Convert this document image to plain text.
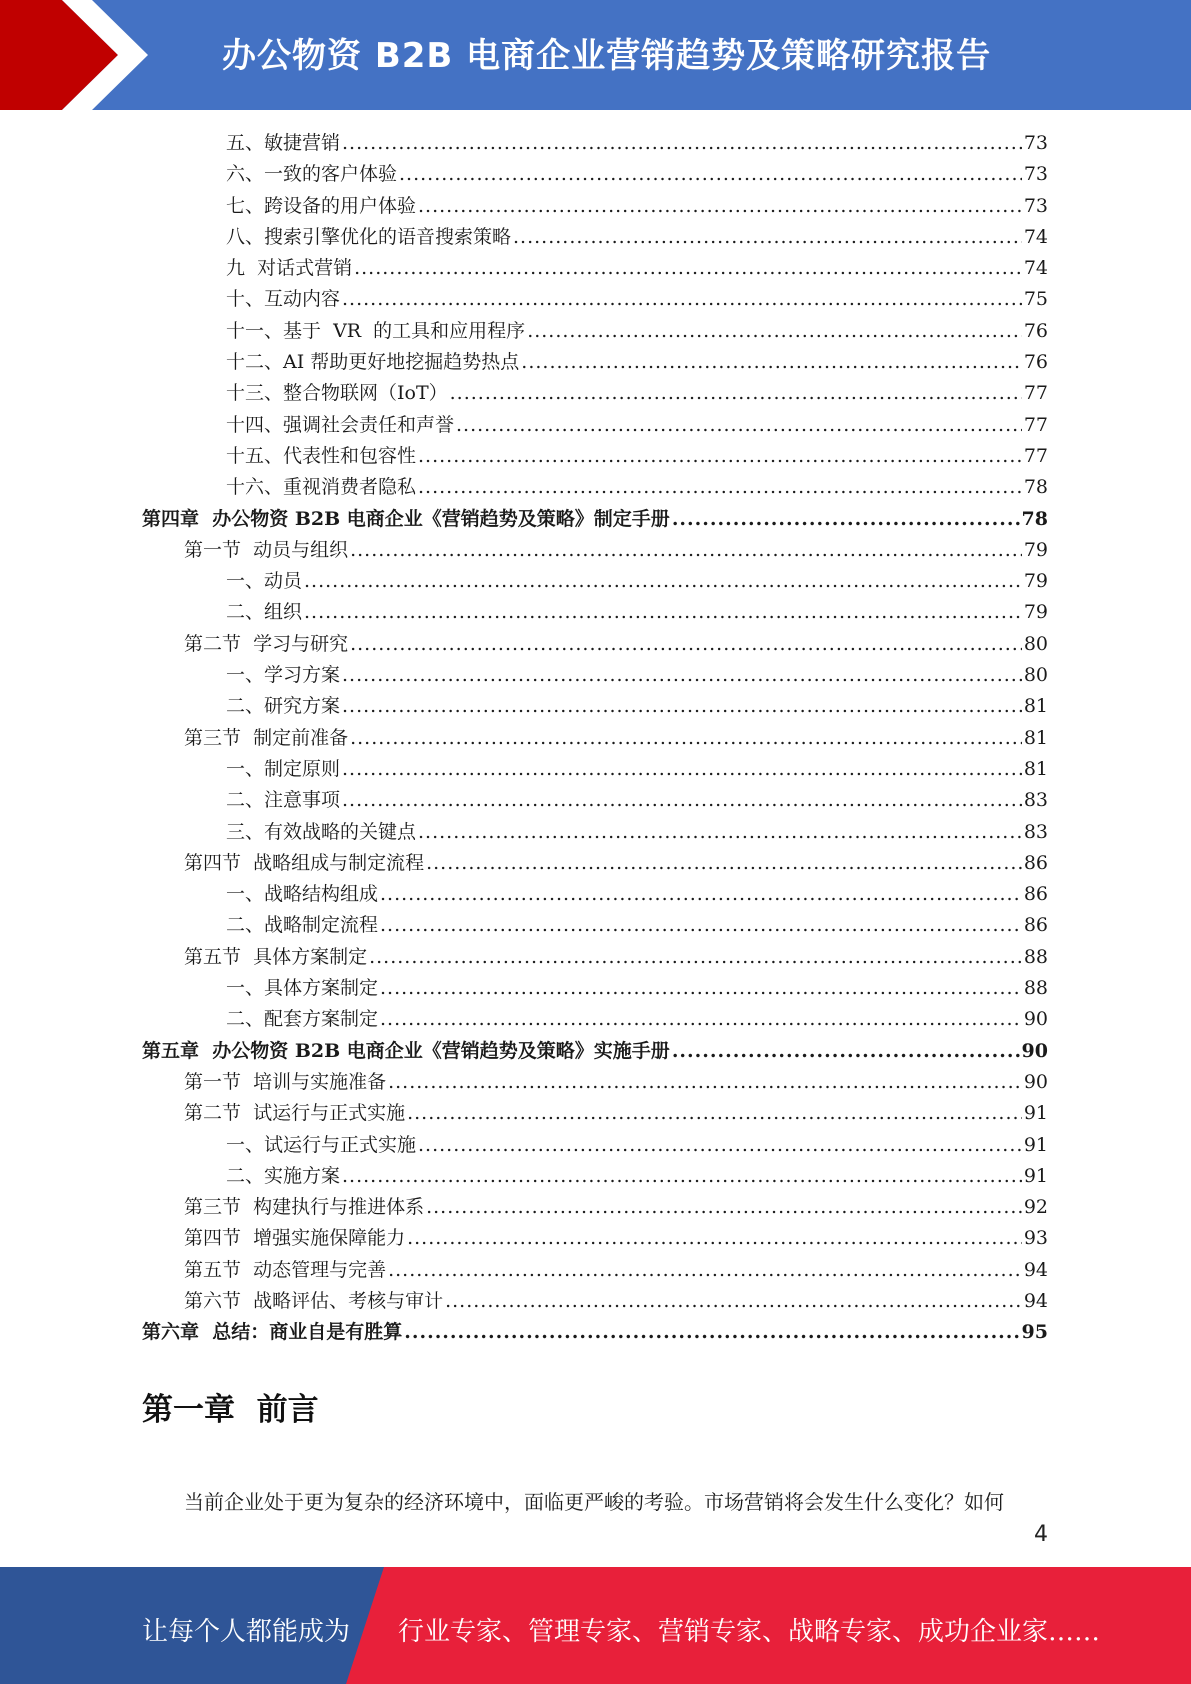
办公物资 B2B 电商企业营销趋势及策略研究报告
五、敏捷营销 .....	73
六、一致的客户体验 .....	73
七、跨设备的用户体验 .....	73
八、搜索引擎优化的语音搜索策略 .....	74
九  对话式营销 .....	74
十、互动内容 .....	75
十一、基于  VR  的工具和应用程序 .....	76
十二、AI 帮助更好地挖掘趋势热点 .....	76
十三、整合物联网（IoT） .....	77
十四、强调社会责任和声誉 .....	77
十五、代表性和包容性 .....	77
十六、重视消费者隐私 .....	78
第四章  办公物资 B2B 电商企业《营销趋势及策略》制定手册 .....	78
第一节  动员与组织 .....	79
一、动员 .....	79
二、组织 .....	79
第二节  学习与研究 .....	80
一、学习方案 .....	80
二、研究方案 .....	81
第三节  制定前准备 .....	81
一、制定原则 .....	81
二、注意事项 .....	83
三、有效战略的关键点 .....	83
第四节  战略组成与制定流程 .....	86
一、战略结构组成 .....	86
二、战略制定流程 .....	86
第五节  具体方案制定 .....	88
一、具体方案制定 .....	88
二、配套方案制定 .....	90
第五章  办公物资 B2B 电商企业《营销趋势及策略》实施手册 .....	90
第一节  培训与实施准备 .....	90
第二节  试运行与正式实施 .....	91
一、试运行与正式实施 .....	91
二、实施方案 .....	91
第三节  构建执行与推进体系 .....	92
第四节  增强实施保障能力 .....	93
第五节  动态管理与完善 .....	94
第六节  战略评估、考核与审计 .....	94
第六章  总结：商业自是有胜算 .....	95
第一章  前言
当前企业处于更为复杂的经济环境中，面临更严峻的考验。市场营销将会发生什么变化？如何
4
让每个人都能成为 行业专家、管理专家、营销专家、战略专家、成功企业家……
